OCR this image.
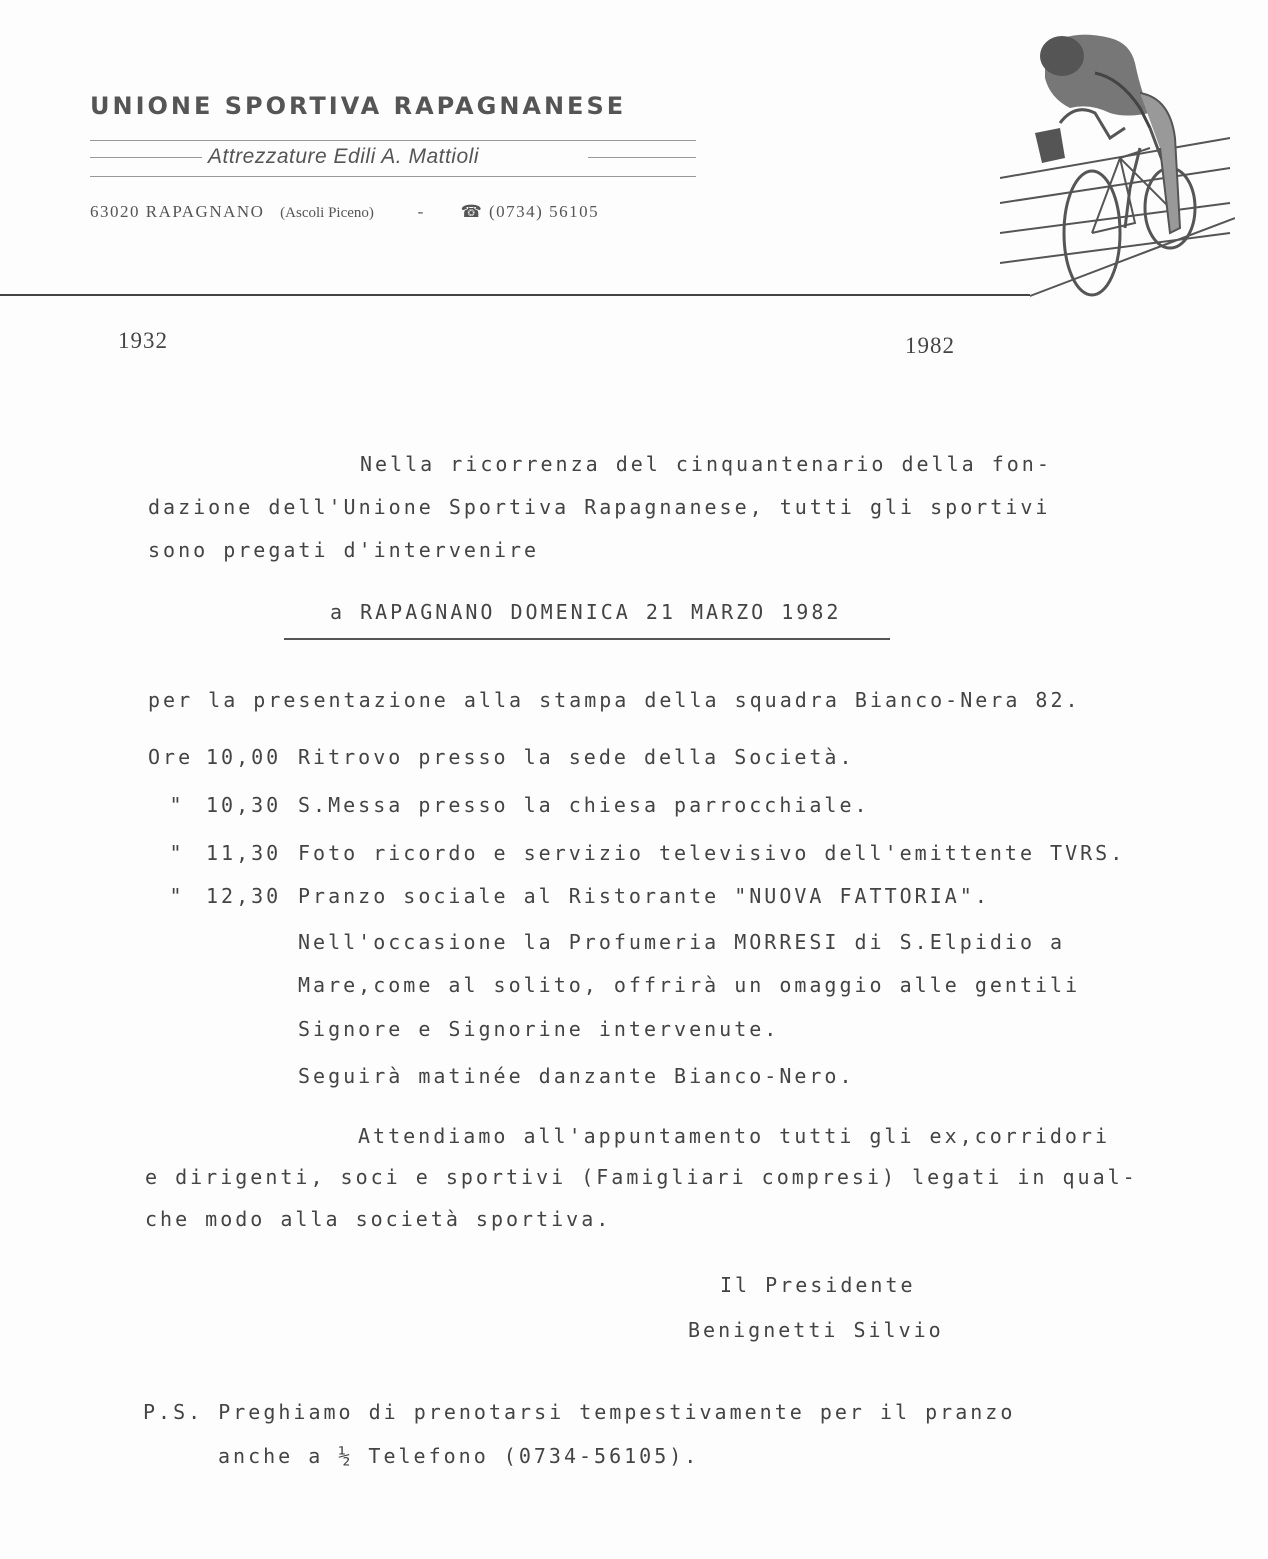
UNIONE SPORTIVA RAPAGNANESE
Attrezzature Edili A. Mattioli
63020 RAPAGNANO (Ascoli Piceno)	- ☎ (0734) 56105
1932	1982
Nella ricorrenza del cinquantenario della fon-
dazione dell'Unione Sportiva Rapagnanese, tutti gli sportivi
sono pregati d'intervenire
a RAPAGNANO DOMENICA 21 MARZO 1982
per la presentazione alla stampa della squadra Bianco-Nera 82.
Ore 10,00 Ritrovo presso la sede della Società.
" 10,30 S.Messa presso la chiesa parrocchiale.
" 11,30 Foto ricordo e servizio televisivo dell'emittente TVRS.
" 12,30 Pranzo sociale al Ristorante "NUOVA FATTORIA".
Nell'occasione la Profumeria MORRESI di S.Elpidio a
Mare,come al solito, offrirà un omaggio alle gentili
Signore e Signorine intervenute.
Seguirà matinée danzante Bianco-Nero.
Attendiamo all'appuntamento tutti gli ex,corridori
e dirigenti, soci e sportivi (Famigliari compresi) legati in qual-
che modo alla società sportiva.
Il Presidente
Benignetti Silvio
P.S. Preghiamo di prenotarsi tempestivamente per il pranzo
anche a ½ Telefono (0734-56105).
